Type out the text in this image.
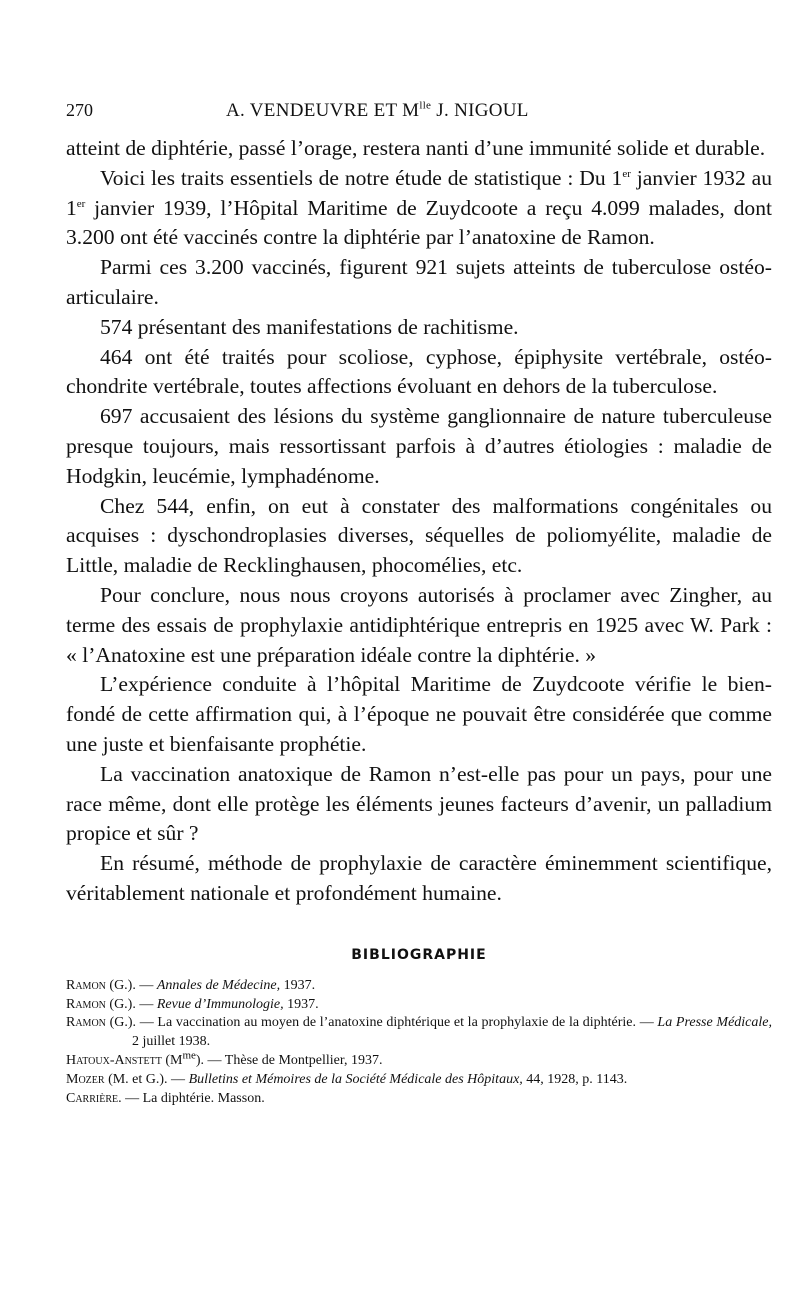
270	A. VENDEUVRE ET $M^{lle}$ J. NIGOUL

atteint de diphtérie, passé l’orage, restera nanti d’une immunité solide et durable.

Voici les traits essentiels de notre étude de statistique : Du 1er janvier 1932 au 1er janvier 1939, l’Hôpital Maritime de Zuydcoote a reçu 4.099 malades, dont 3.200 ont été vaccinés contre la diphtérie par l’anatoxine de Ramon.

Parmi ces 3.200 vaccinés, figurent 921 sujets atteints de tuberculose ostéo-articulaire.

574 présentant des manifestations de rachitisme.

464 ont été traités pour scoliose, cyphose, épiphysite vertébrale, ostéo-chondrite vertébrale, toutes affections évoluant en dehors de la tuberculose.

697 accusaient des lésions du système ganglionnaire de nature tuberculeuse presque toujours, mais ressortissant parfois à d’autres étiologies : maladie de Hodgkin, leucémie, lymphadénome.

Chez 544, enfin, on eut à constater des malformations congénitales ou acquises : dyschondroplasies diverses, séquelles de poliomyélite, maladie de Little, maladie de Recklinghausen, phocomélies, etc.

Pour conclure, nous nous croyons autorisés à proclamer avec Zingher, au terme des essais de prophylaxie antidiphtérique entrepris en 1925 avec W. Park : « l’Anatoxine est une préparation idéale contre la diphtérie. »

L’expérience conduite à l’hôpital Maritime de Zuydcoote vérifie le bien-fondé de cette affirmation qui, à l’époque ne pouvait être considérée que comme une juste et bienfaisante prophétie.

La vaccination anatoxique de Ramon n’est-elle pas pour un pays, pour une race même, dont elle protège les éléments jeunes facteurs d’avenir, un palladium propice et sûr ?

En résumé, méthode de prophylaxie de caractère éminemment scientifique, véritablement nationale et profondément humaine.

BIBLIOGRAPHIE
Ramon (G.). — Annales de Médecine, 1937.
Ramon (G.). — Revue d’Immunologie, 1937.
Ramon (G.). — La vaccination au moyen de l’anatoxine diphtérique et la prophylaxie de la diphtérie. — La Presse Médicale, 2 juillet 1938.
Hatoux-Anstett $(M^{me})$. — Thèse de Montpellier, 1937.
Mozer (M. et G.). — Bulletins et Mémoires de la Société Médicale des Hôpitaux, 44, 1928, p. 1143.
Carrière. — La diphtérie. Masson.
